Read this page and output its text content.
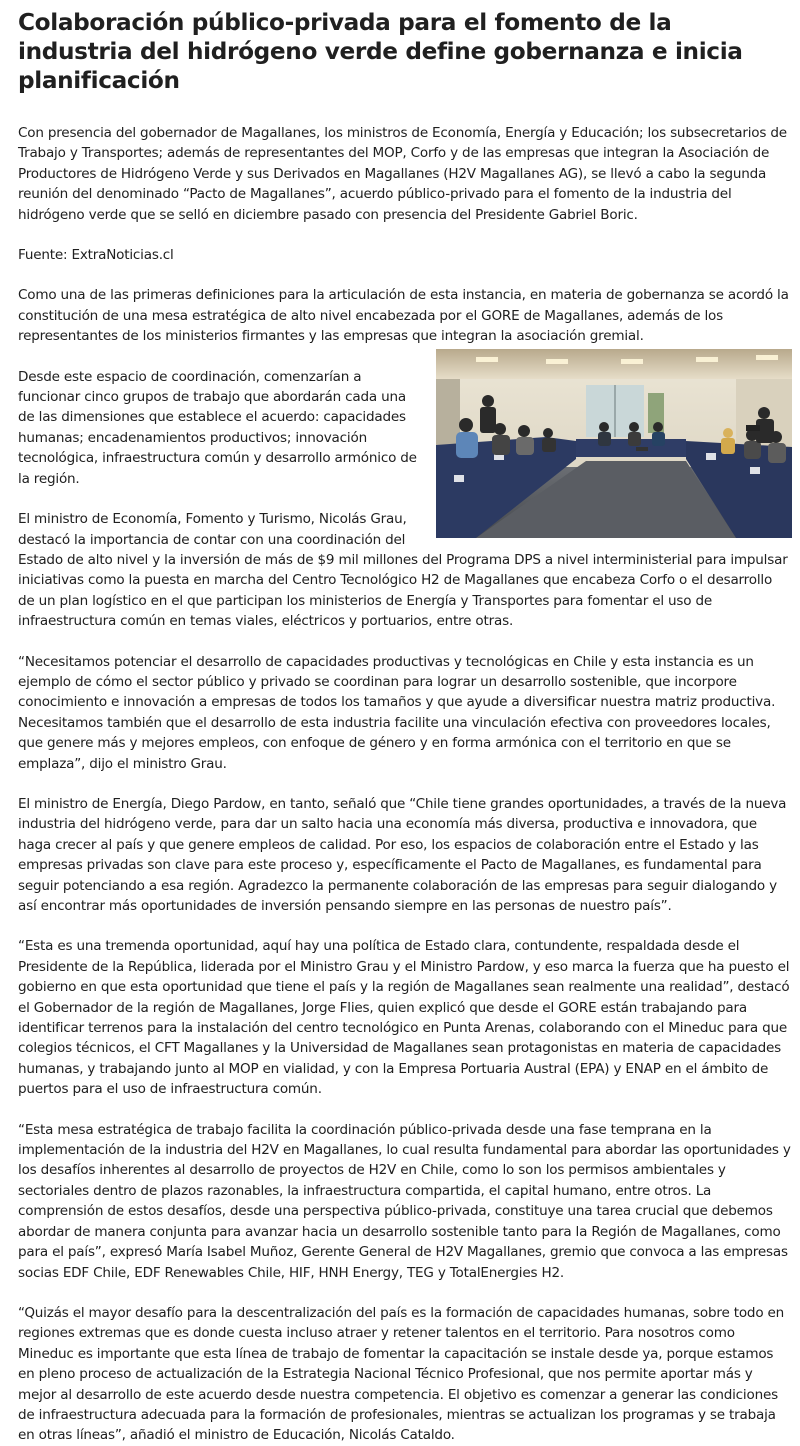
Colaboración público-privada para el fomento de la industria del hidrógeno verde define gobernanza e inicia planificación

Con presencia del gobernador de Magallanes, los ministros de Economía, Energía y Educación; los subsecretarios de Trabajo y Transportes; además de representantes del MOP, Corfo y de las empresas que integran la Asociación de Productores de Hidrógeno Verde y sus Derivados en Magallanes (H2V Magallanes AG), se llevó a cabo la segunda reunión del denominado “Pacto de Magallanes”, acuerdo público-privado para el fomento de la industria del hidrógeno verde que se selló en diciembre pasado con presencia del Presidente Gabriel Boric.

Fuente: ExtraNoticias.cl

Como una de las primeras definiciones para la articulación de esta instancia, en materia de gobernanza se acordó la constitución de una mesa estratégica de alto nivel encabezada por el GORE de Magallanes, además de los representantes de los ministerios firmantes y las empresas que integran la asociación gremial.

Desde este espacio de coordinación, comenzarían a funcionar cinco grupos de trabajo que abordarán cada una de las dimensiones que establece el acuerdo: capacidades humanas; encadenamientos productivos; innovación tecnológica, infraestructura común y desarrollo armónico de la región.

El ministro de Economía, Fomento y Turismo, Nicolás Grau, destacó la importancia de contar con una coordinación del Estado de alto nivel y la inversión de más de $9 mil millones del Programa DPS a nivel interministerial para impulsar iniciativas como la puesta en marcha del Centro Tecnológico H2 de Magallanes que encabeza Corfo o el desarrollo de un plan logístico en el que participan los ministerios de Energía y Transportes para fomentar el uso de infraestructura común en temas viales, eléctricos y portuarios, entre otras.

“Necesitamos potenciar el desarrollo de capacidades productivas y tecnológicas en Chile y esta instancia es un ejemplo de cómo el sector público y privado se coordinan para lograr un desarrollo sostenible, que incorpore conocimiento e innovación a empresas de todos los tamaños y que ayude a diversificar nuestra matriz productiva. Necesitamos también que el desarrollo de esta industria facilite una vinculación efectiva con proveedores locales, que genere más y mejores empleos, con enfoque de género y en forma armónica con el territorio en que se emplaza”, dijo el ministro Grau.

El ministro de Energía, Diego Pardow, en tanto, señaló que “Chile tiene grandes oportunidades, a través de la nueva industria del hidrógeno verde, para dar un salto hacia una economía más diversa, productiva e innovadora, que haga crecer al país y que genere empleos de calidad. Por eso, los espacios de colaboración entre el Estado y las empresas privadas son clave para este proceso y, específicamente el Pacto de Magallanes, es fundamental para seguir potenciando a esa región. Agradezco la permanente colaboración de las empresas para seguir dialogando y así encontrar más oportunidades de inversión pensando siempre en las personas de nuestro país”.

“Esta es una tremenda oportunidad, aquí hay una política de Estado clara, contundente, respaldada desde el Presidente de la República, liderada por el Ministro Grau y el Ministro Pardow, y eso marca la fuerza que ha puesto el gobierno en que esta oportunidad que tiene el país y la región de Magallanes sean realmente una realidad”, destacó el Gobernador de la región de Magallanes, Jorge Flies, quien explicó que desde el GORE están trabajando para identificar terrenos para la instalación del centro tecnológico en Punta Arenas, colaborando con el Mineduc para que colegios técnicos, el CFT Magallanes y la Universidad de Magallanes sean protagonistas en materia de capacidades humanas, y trabajando junto al MOP en vialidad, y con la Empresa Portuaria Austral (EPA) y ENAP en el ámbito de puertos para el uso de infraestructura común.

“Esta mesa estratégica de trabajo facilita la coordinación público-privada desde una fase temprana en la implementación de la industria del H2V en Magallanes, lo cual resulta fundamental para abordar las oportunidades y los desafíos inherentes al desarrollo de proyectos de H2V en Chile, como lo son los permisos ambientales y sectoriales dentro de plazos razonables, la infraestructura compartida, el capital humano, entre otros. La comprensión de estos desafíos, desde una perspectiva público-privada, constituye una tarea crucial que debemos abordar de manera conjunta para avanzar hacia un desarrollo sostenible tanto para la Región de Magallanes, como para el país”, expresó María Isabel Muñoz, Gerente General de H2V Magallanes, gremio que convoca a las empresas socias EDF Chile, EDF Renewables Chile, HIF, HNH Energy, TEG y TotalEnergies H2.

“Quizás el mayor desafío para la descentralización del país es la formación de capacidades humanas, sobre todo en regiones extremas que es donde cuesta incluso atraer y retener talentos en el territorio. Para nosotros como Mineduc es importante que esta línea de trabajo de fomentar la capacitación se instale desde ya, porque estamos en pleno proceso de actualización de la Estrategia Nacional Técnico Profesional, que nos permite aportar más y mejor al desarrollo de este acuerdo desde nuestra competencia. El objetivo es comenzar a generar las condiciones de infraestructura adecuada para la formación de profesionales, mientras se actualizan los programas y se trabaja en otras líneas”, añadió el ministro de Educación, Nicolás Cataldo.
